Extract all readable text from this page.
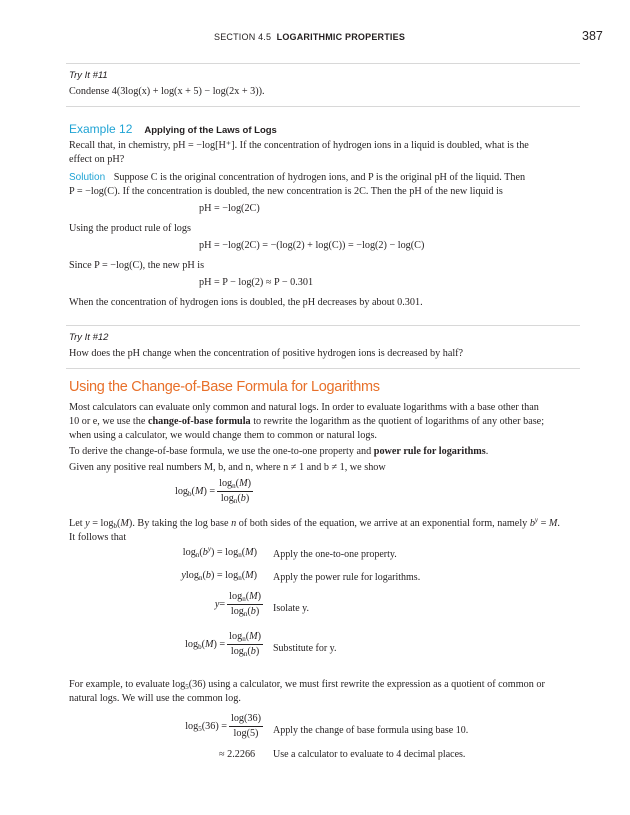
SECTION 4.5 LOGARITHMIC PROPERTIES	387
Try It #11
Condense 4(3log(x) + log(x + 5) − log(2x + 3)).
Example 12 Applying of the Laws of Logs
Recall that, in chemistry, pH = −log[H⁺]. If the concentration of hydrogen ions in a liquid is doubled, what is the
effect on pH?
Solution Suppose C is the original concentration of hydrogen ions, and P is the original pH of the liquid. Then
P = −log(C). If the concentration is doubled, the new concentration is 2C. Then the pH of the new liquid is
pH = −log(2C)
Using the product rule of logs
pH = −log(2C) = −(log(2) + log(C)) = −log(2) − log(C)
Since P = −log(C), the new pH is
pH = P − log(2) ≈ P − 0.301
When the concentration of hydrogen ions is doubled, the pH decreases by about 0.301.
Try It #12
How does the pH change when the concentration of positive hydrogen ions is decreased by half?
Using the Change-of-Base Formula for Logarithms
Most calculators can evaluate only common and natural logs. In order to evaluate logarithms with a base other than
10 or e, we use the change-of-base formula to rewrite the logarithm as the quotient of logarithms of any other base;
when using a calculator, we would change them to common or natural logs.
To derive the change-of-base formula, we use the one-to-one property and power rule for logarithms.
Given any positive real numbers M, b, and n, where n ≠ 1 and b ≠ 1, we show
$\log b(M) = \frac{\log n(M)}{\log n(b)}$
Let y = logb(M). By taking the log base n of both sides of the equation, we arrive at an exponential form, namely $b^y = M$.
It follows that
log n ( $b^y$ ) = log n ( M ) Apply the one-to-one property.
y log n ( b ) = log n ( M ) Apply the power rule for logarithms.
$y = \frac{\log n(M)}{\log n(b)}$ Isolate y.
log b ( M ) = $\frac{\log n(M)}{\log n(b)}$ Substitute for y.
For example, to evaluate log5(36) using a calculator, we must first rewrite the expression as a quotient of common or
natural logs. We will use the common log.
log 5 $(36) = \frac{\log(36)}{\log(5)}$ Apply the change of base formula using base 10.
≈ 2.2266 Use a calculator to evaluate to 4 decimal places.
